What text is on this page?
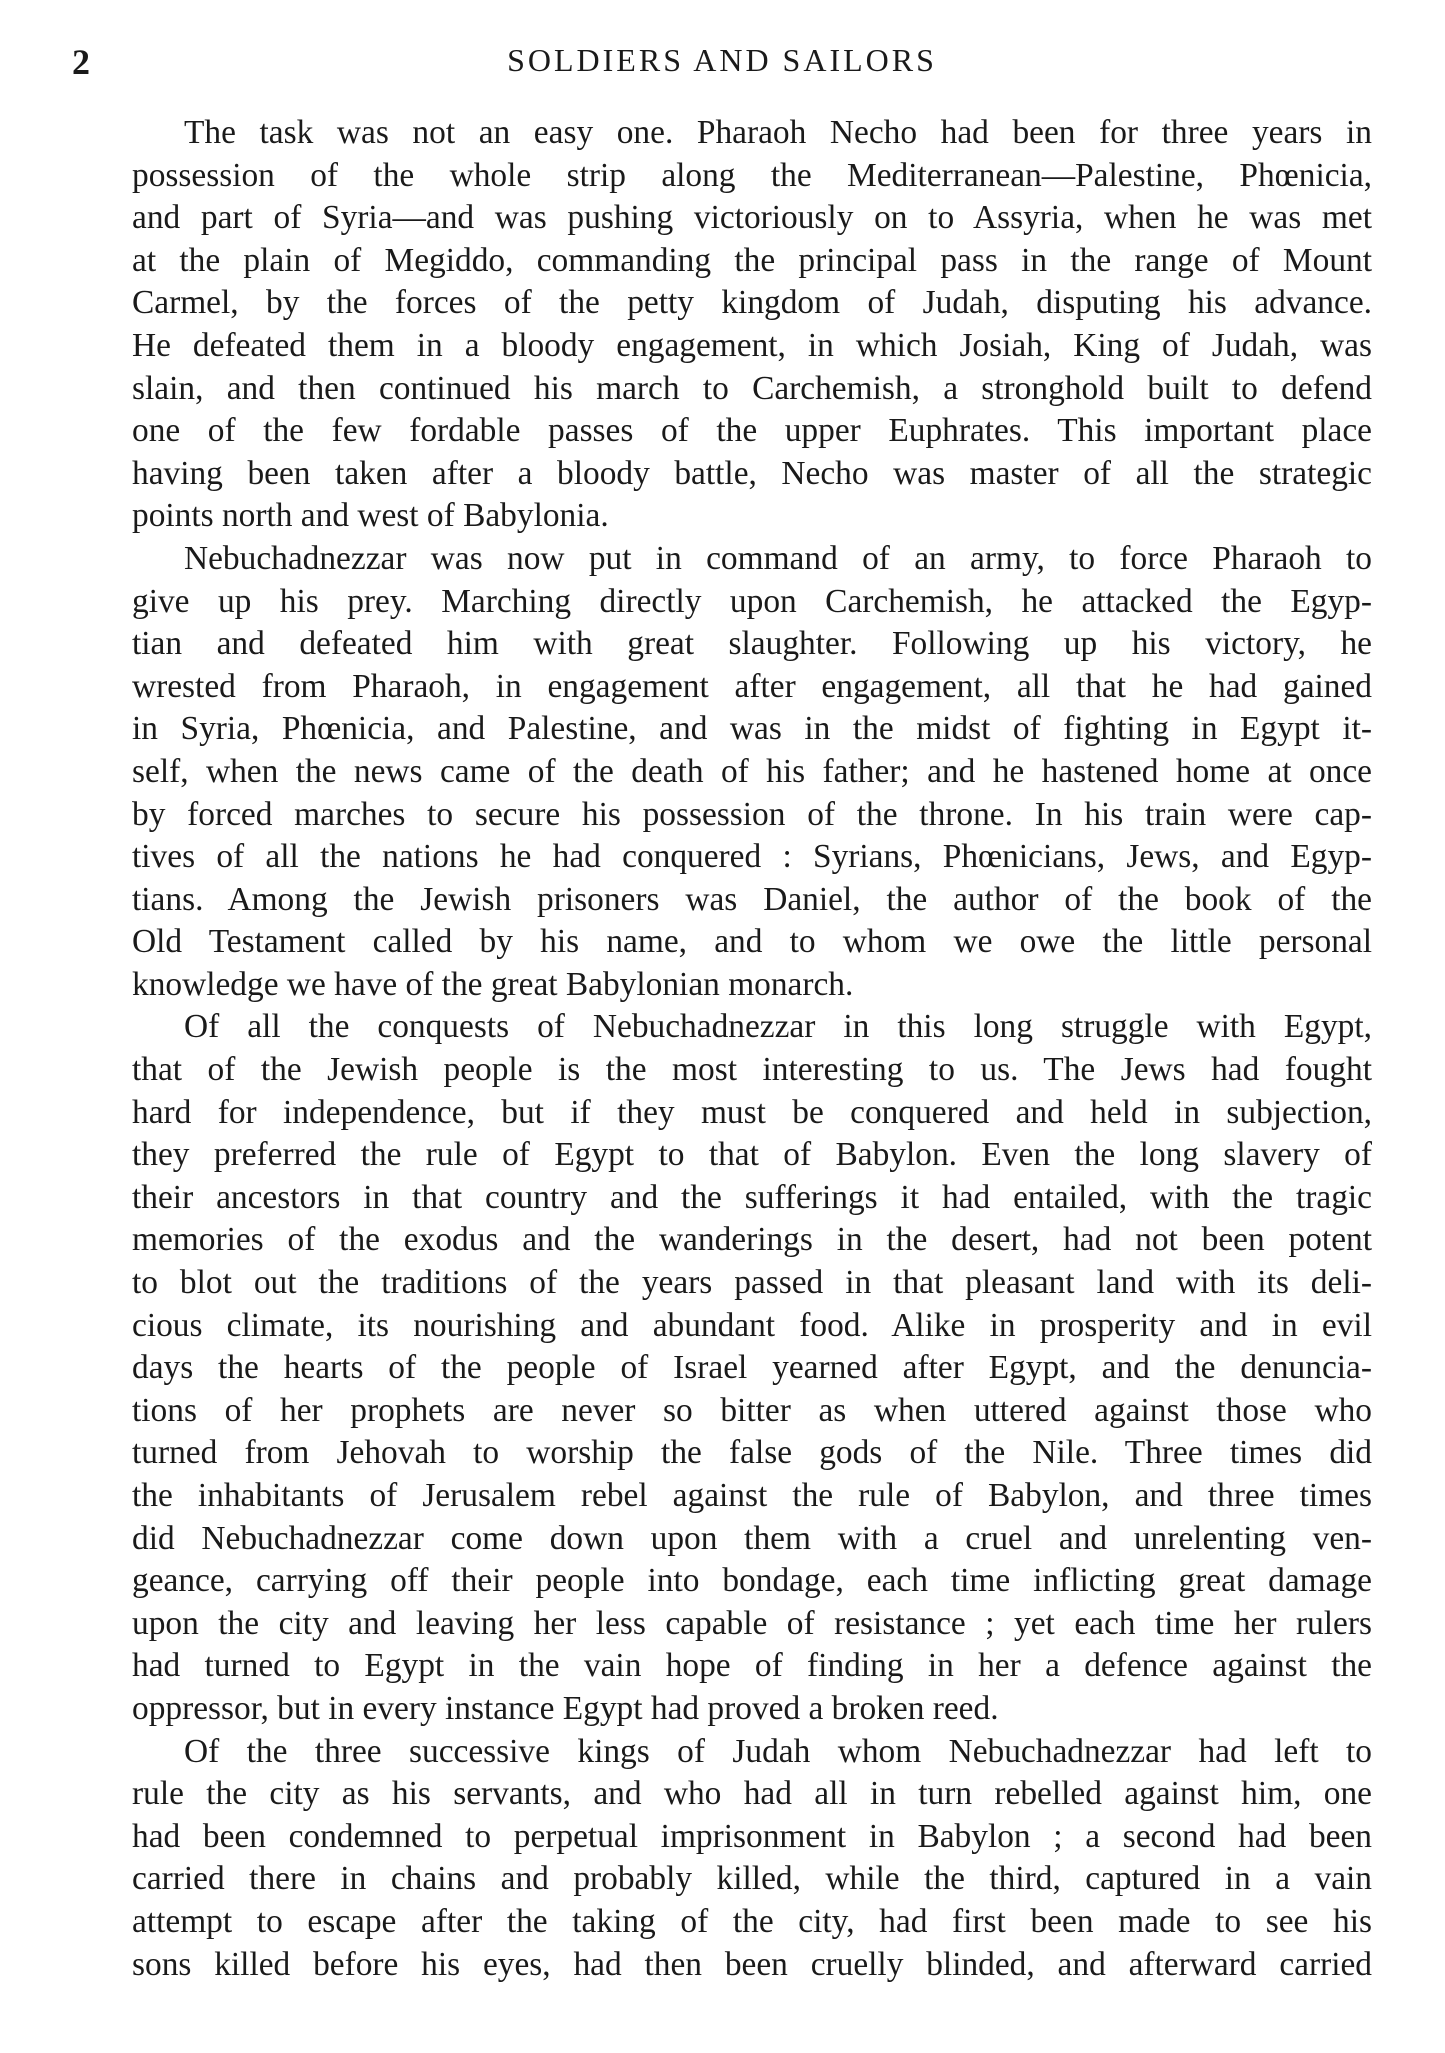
2	SOLDIERS AND SAILORS
The task was not an easy one. Pharaoh Necho had been for three years in
possession of the whole strip along the Mediterranean—Palestine, Phœnicia,
and part of Syria—and was pushing victoriously on to Assyria, when he was met
at the plain of Megiddo, commanding the principal pass in the range of Mount
Carmel, by the forces of the petty kingdom of Judah, disputing his advance.
He defeated them in a bloody engagement, in which Josiah, King of Judah, was
slain, and then continued his march to Carchemish, a stronghold built to defend
one of the few fordable passes of the upper Euphrates. This important place
having been taken after a bloody battle, Necho was master of all the strategic
points north and west of Babylonia.
Nebuchadnezzar was now put in command of an army, to force Pharaoh to
give up his prey. Marching directly upon Carchemish, he attacked the Egyp-
tian and defeated him with great slaughter. Following up his victory, he
wrested from Pharaoh, in engagement after engagement, all that he had gained
in Syria, Phœnicia, and Palestine, and was in the midst of fighting in Egypt it-
self, when the news came of the death of his father; and he hastened home at once
by forced marches to secure his possession of the throne. In his train were cap-
tives of all the nations he had conquered : Syrians, Phœnicians, Jews, and Egyp-
tians. Among the Jewish prisoners was Daniel, the author of the book of the
Old Testament called by his name, and to whom we owe the little personal
knowledge we have of the great Babylonian monarch.
Of all the conquests of Nebuchadnezzar in this long struggle with Egypt,
that of the Jewish people is the most interesting to us. The Jews had fought
hard for independence, but if they must be conquered and held in subjection,
they preferred the rule of Egypt to that of Babylon. Even the long slavery of
their ancestors in that country and the sufferings it had entailed, with the tragic
memories of the exodus and the wanderings in the desert, had not been potent
to blot out the traditions of the years passed in that pleasant land with its deli-
cious climate, its nourishing and abundant food. Alike in prosperity and in evil
days the hearts of the people of Israel yearned after Egypt, and the denuncia-
tions of her prophets are never so bitter as when uttered against those who
turned from Jehovah to worship the false gods of the Nile. Three times did
the inhabitants of Jerusalem rebel against the rule of Babylon, and three times
did Nebuchadnezzar come down upon them with a cruel and unrelenting ven-
geance, carrying off their people into bondage, each time inflicting great damage
upon the city and leaving her less capable of resistance ; yet each time her rulers
had turned to Egypt in the vain hope of finding in her a defence against the
oppressor, but in every instance Egypt had proved a broken reed.
Of the three successive kings of Judah whom Nebuchadnezzar had left to
rule the city as his servants, and who had all in turn rebelled against him, one
had been condemned to perpetual imprisonment in Babylon ; a second had been
carried there in chains and probably killed, while the third, captured in a vain
attempt to escape after the taking of the city, had first been made to see his
sons killed before his eyes, had then been cruelly blinded, and afterward carried
